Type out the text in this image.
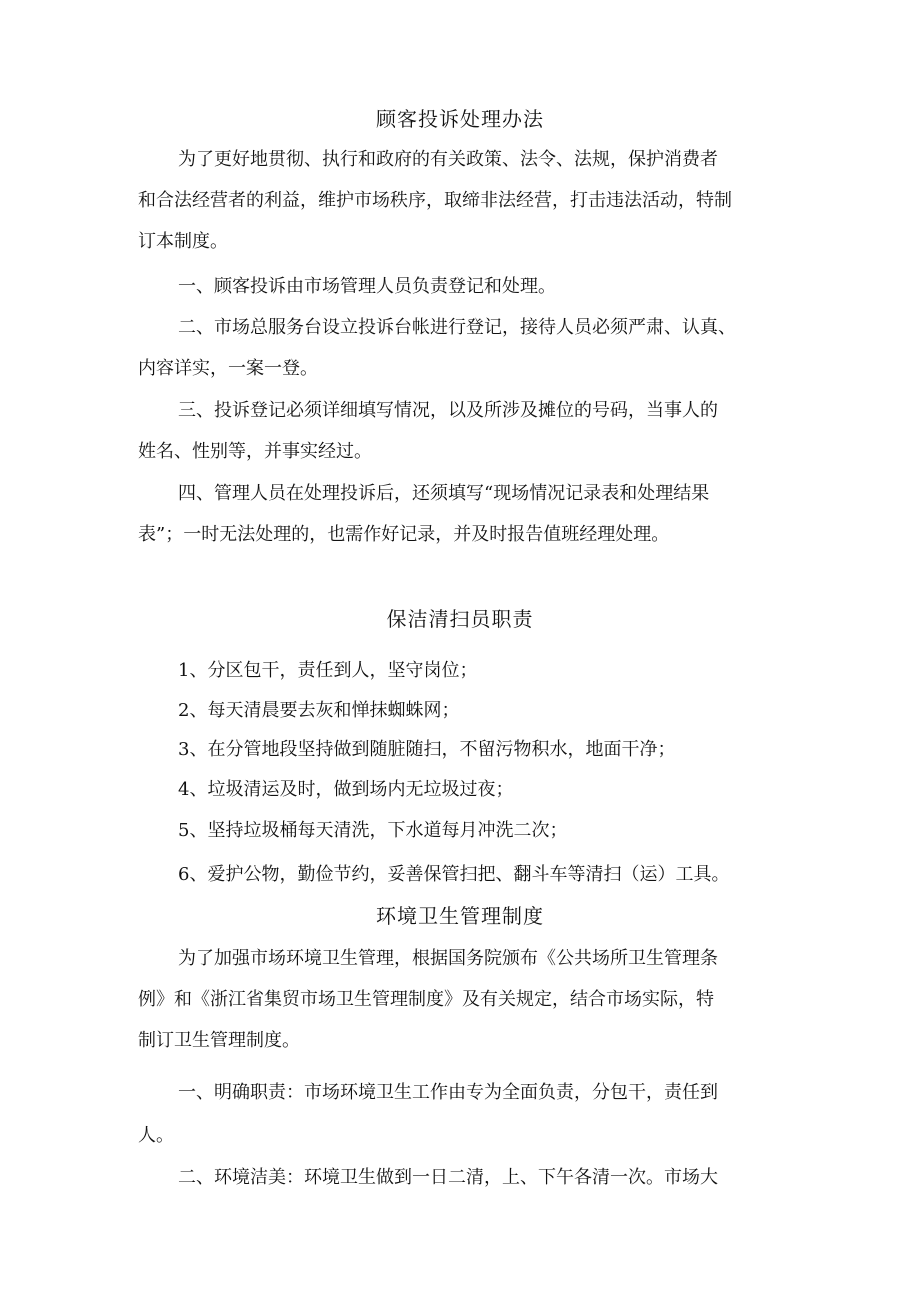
顾客投诉处理办法
为了更好地贯彻、执行和政府的有关政策、法令、法规，保护消费者
和合法经营者的利益，维护市场秩序，取缔非法经营，打击违法活动，特制
订本制度。
一、顾客投诉由市场管理人员负责登记和处理。
二、市场总服务台设立投诉台帐进行登记，接待人员必须严肃、认真、
内容详实，一案一登。
三、投诉登记必须详细填写情况，以及所涉及摊位的号码，当事人的
姓名、性别等，并事实经过。
四、管理人员在处理投诉后，还须填写“现场情况记录表和处理结果
表”；一时无法处理的，也需作好记录，并及时报告值班经理处理。
保洁清扫员职责
1、分区包干，责任到人，坚守岗位；
2、每天清晨要去灰和惮抹蜘蛛网；
3、在分管地段坚持做到随脏随扫，不留污物积水，地面干净；
4、垃圾清运及时，做到场内无垃圾过夜；
5、坚持垃圾桶每天清洗，下水道每月冲洗二次；
6、爱护公物，勤俭节约，妥善保管扫把、翻斗车等清扫（运）工具。
环境卫生管理制度
为了加强市场环境卫生管理，根据国务院颁布《公共场所卫生管理条
例》和《浙江省集贸市场卫生管理制度》及有关规定，结合市场实际，特
制订卫生管理制度。
一、明确职责：市场环境卫生工作由专为全面负责，分包干，责任到
人。
二、环境洁美：环境卫生做到一日二清，上、下午各清一次。市场大
